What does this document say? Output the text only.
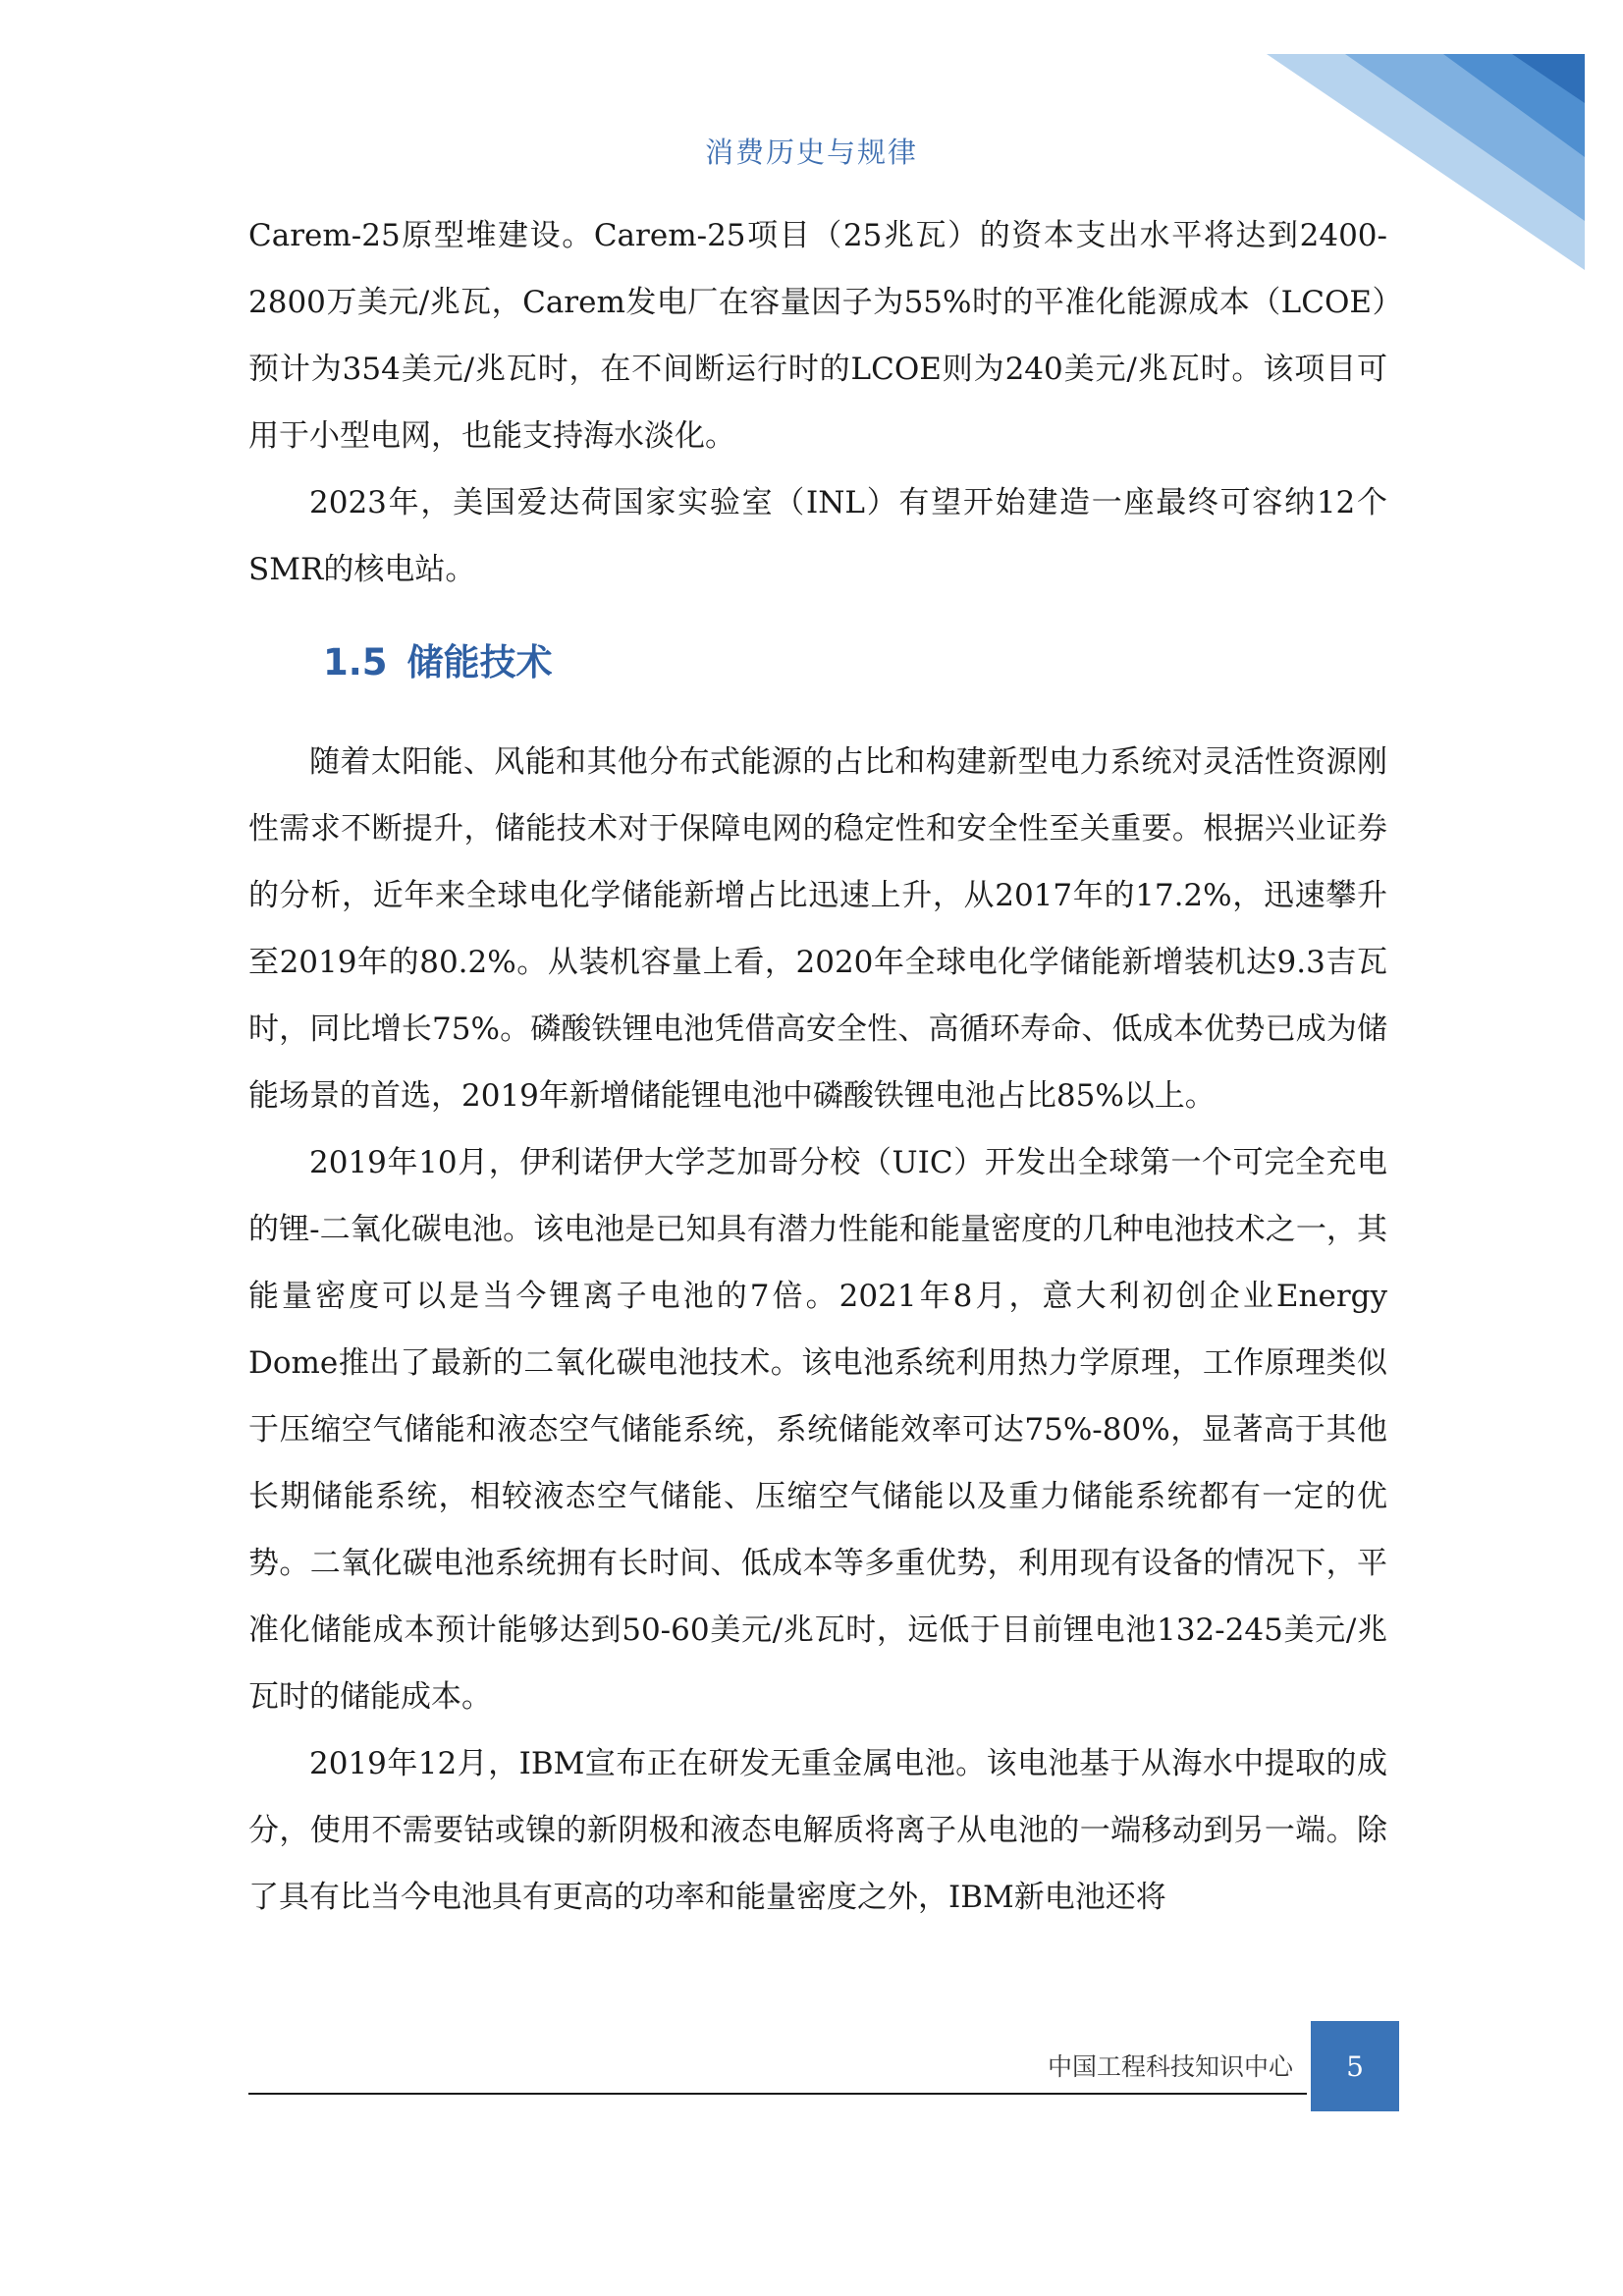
消费历史与规律

Carem-25原型堆建设。Carem-25项目（25兆瓦）的资本支出水平将达到2400-2800万美元/兆瓦，Carem发电厂在容量因子为55%时的平准化能源成本（LCOE）预计为354美元/兆瓦时，在不间断运行时的LCOE则为240美元/兆瓦时。该项目可用于小型电网，也能支持海水淡化。

2023年，美国爱达荷国家实验室（INL）有望开始建造一座最终可容纳12个SMR的核电站。

1.5 储能技术

随着太阳能、风能和其他分布式能源的占比和构建新型电力系统对灵活性资源刚性需求不断提升，储能技术对于保障电网的稳定性和安全性至关重要。根据兴业证券的分析，近年来全球电化学储能新增占比迅速上升，从2017年的17.2%，迅速攀升至2019年的80.2%。从装机容量上看，2020年全球电化学储能新增装机达9.3吉瓦时，同比增长75%。磷酸铁锂电池凭借高安全性、高循环寿命、低成本优势已成为储能场景的首选，2019年新增储能锂电池中磷酸铁锂电池占比85%以上。

2019年10月，伊利诺伊大学芝加哥分校（UIC）开发出全球第一个可完全充电的锂-二氧化碳电池。该电池是已知具有潜力性能和能量密度的几种电池技术之一，其能量密度可以是当今锂离子电池的7倍。2021年8月，意大利初创企业Energy Dome推出了最新的二氧化碳电池技术。该电池系统利用热力学原理，工作原理类似于压缩空气储能和液态空气储能系统，系统储能效率可达75%-80%，显著高于其他长期储能系统，相较液态空气储能、压缩空气储能以及重力储能系统都有一定的优势。二氧化碳电池系统拥有长时间、低成本等多重优势，利用现有设备的情况下，平准化储能成本预计能够达到50-60美元/兆瓦时，远低于目前锂电池132-245美元/兆瓦时的储能成本。

2019年12月，IBM宣布正在研发无重金属电池。该电池基于从海水中提取的成分，使用不需要钴或镍的新阴极和液态电解质将离子从电池的一端移动到另一端。除了具有比当今电池具有更高的功率和能量密度之外，IBM新电池还将

中国工程科技知识中心	5
